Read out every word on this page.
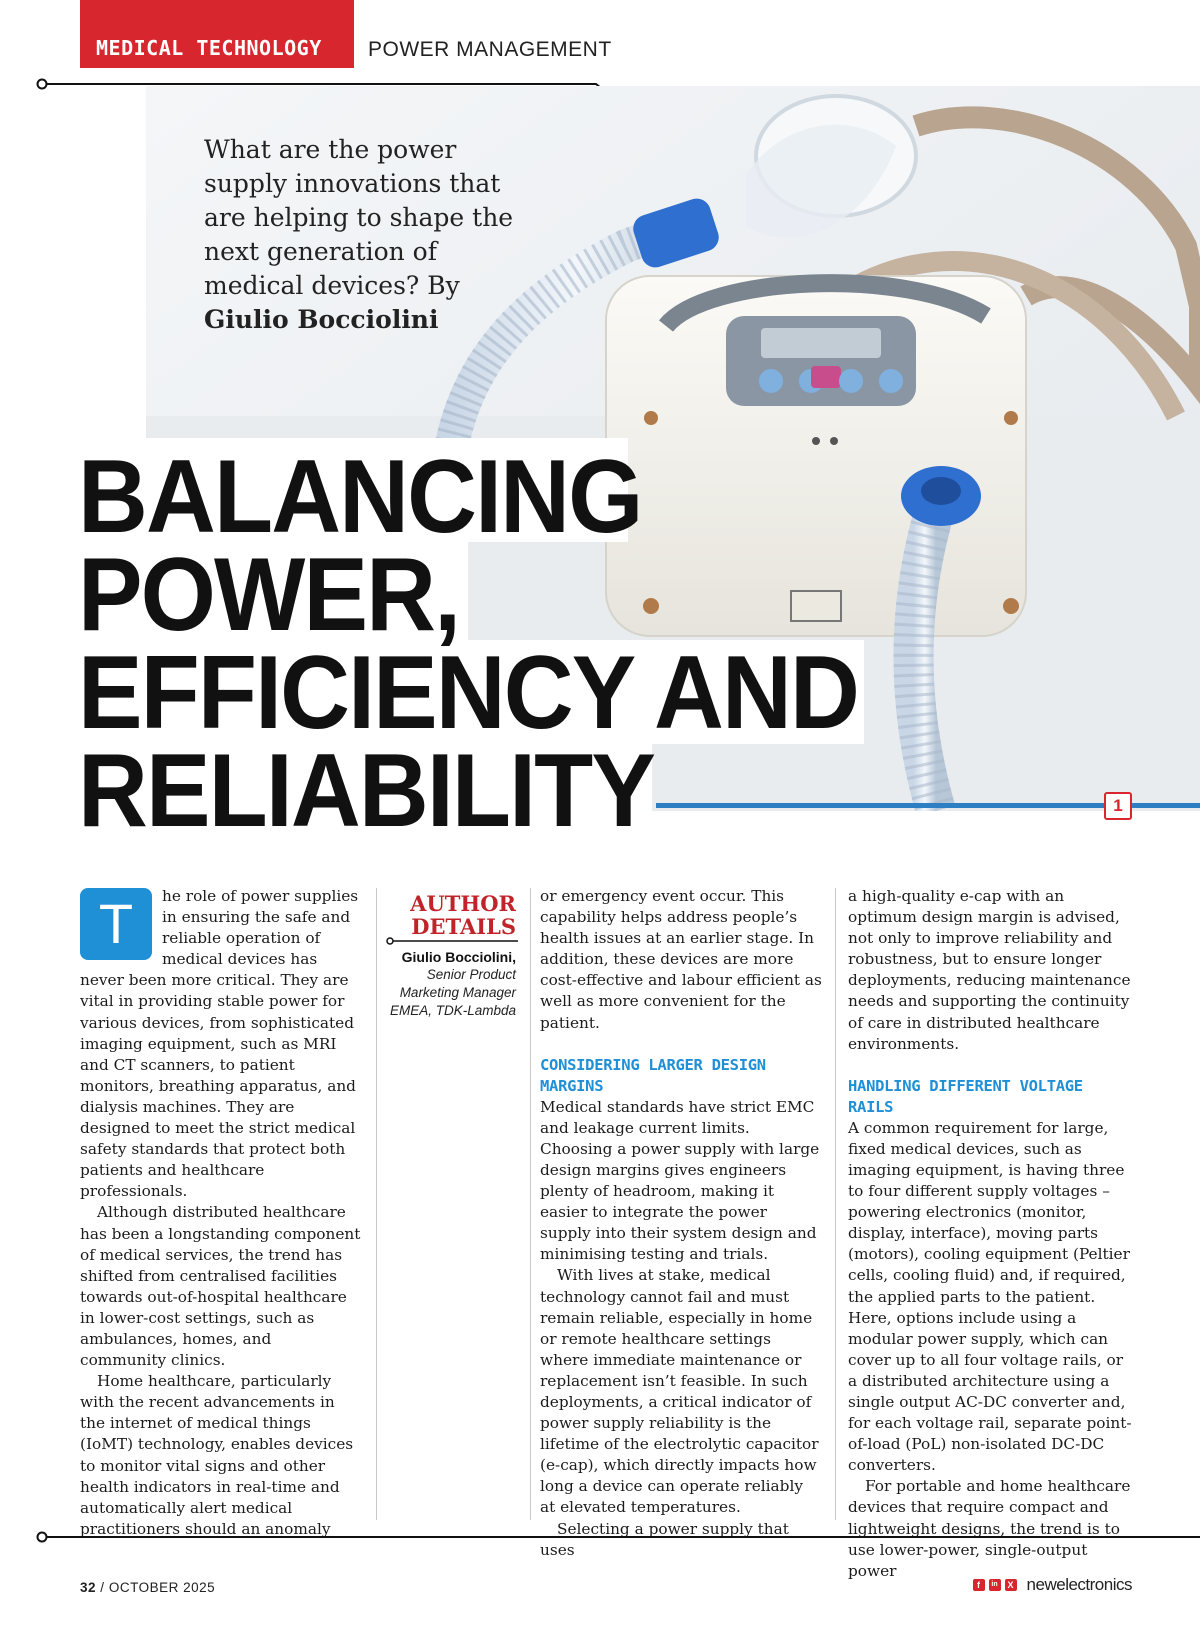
MEDICAL TECHNOLOGY POWER MANAGEMENT
What are the power supply innovations that are helping to shape the next generation of medical devices? By
Giulio Bocciolini
BALANCING
POWER,
EFFICIENCY AND
RELIABILITY	1
T	he role of power supplies in ensuring the safe and reliable operation of medical devices has never been more critical. They are vital in providing stable power for various devices, from sophisticated imaging equipment, such as MRI and CT scanners, to patient monitors, breathing apparatus, and dialysis machines. They are designed to meet the strict medical safety standards that protect both patients and healthcare professionals.

Although distributed healthcare has been a longstanding component of medical services, the trend has shifted from centralised facilities towards out-of-hospital healthcare in lower-cost settings, such as ambulances, homes, and community clinics.

Home healthcare, particularly with the recent advancements in the internet of medical things (IoMT) technology, enables devices to monitor vital signs and other health indicators in real-time and automatically alert medical practitioners should an anomaly

AUTHOR
DETAILS
Giulio Bocciolini,
Senior Product
Marketing Manager
EMEA, TDK-Lambda

or emergency event occur. This capability helps address people’s health issues at an earlier stage. In addition, these devices are more cost-effective and labour efficient as well as more convenient for the patient.

CONSIDERING LARGER DESIGN MARGINS

Medical standards have strict EMC and leakage current limits. Choosing a power supply with large design margins gives engineers plenty of headroom, making it easier to integrate the power supply into their system design and minimising testing and trials.

With lives at stake, medical technology cannot fail and must remain reliable, especially in home or remote healthcare settings where immediate maintenance or replacement isn’t feasible. In such deployments, a critical indicator of power supply reliability is the lifetime of the electrolytic capacitor (e-cap), which directly impacts how long a device can operate reliably at elevated temperatures.

Selecting a power supply that uses

a high-quality e-cap with an optimum design margin is advised, not only to improve reliability and robustness, but to ensure longer deployments, reducing maintenance needs and supporting the continuity of care in distributed healthcare environments.

HANDLING DIFFERENT VOLTAGE RAILS

A common requirement for large, fixed medical devices, such as imaging equipment, is having three to four different supply voltages – powering electronics (monitor, display, interface), moving parts (motors), cooling equipment (Peltier cells, cooling fluid) and, if required, the applied parts to the patient. Here, options include using a modular power supply, which can cover up to all four voltage rails, or a distributed architecture using a single output AC-DC converter and, for each voltage rail, separate point-of-load (PoL) non-isolated DC-DC converters.

For portable and home healthcare devices that require compact and lightweight designs, the trend is to use lower-power, single-output power

32 / OCTOBER 2025	f	in	X newelectronics
